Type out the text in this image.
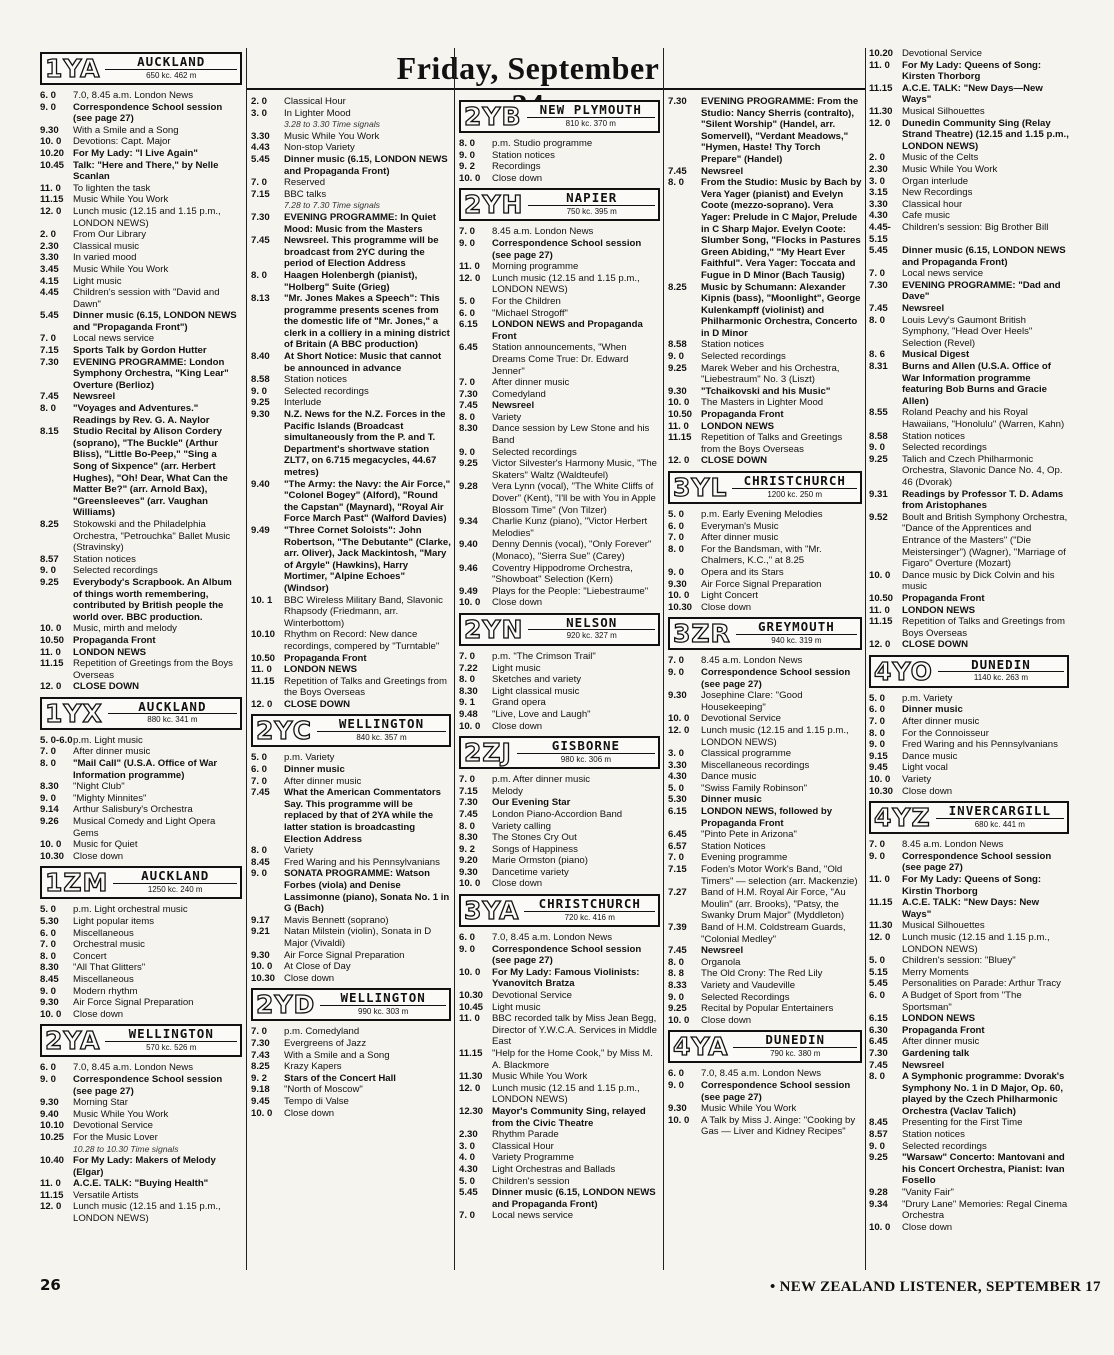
Friday, September
1YA	AUCKLAND
650 kc. 462 m
6. 0	7.0, 8.45 a.m. London News
9. 0	Correspondence School session (see page 27)
9.30	With a Smile and a Song
10. 0	Devotions: Capt. Major
10.20 For My Lady: "I Live Again"
10.45 Talk: "Here and There," by Nelle Scanlan
11. 0	To lighten the task
11.15 Music While You Work
12. 0	Lunch music (12.15 and 1.15 p.m., LONDON NEWS)
2. 0	From Our Library
2.30	Classical music
3.30	In varied mood
3.45	Music While You Work
4.15	Light music
4.45	Children's session with "David and Dawn"
5.45	Dinner music (6.15, LONDON NEWS and "Propaganda Front")
7. 0	Local news service
7.15	Sports Talk by Gordon Hutter
7.30	EVENING PROGRAMME: London Symphony Orchestra, "King Lear" Overture (Berlioz)
7.45	Newsreel
8. 0	"Voyages and Adventures." Readings by Rev. G. A. Naylor
8.15	Studio Recital by Alison Cordery (soprano), "The Buckle" (Arthur Bliss), "Little Bo-Peep," "Sing a Song of Sixpence" (arr. Herbert Hughes), "Oh! Dear, What Can the Matter Be?" (arr. Arnold Bax), "Greensleeves" (arr. Vaughan Williams)
8.25	Stokowski and the Philadelphia Orchestra, "Petrouchka" Ballet Music (Stravinsky)
8.57	Station notices
9. 0	Selected recordings
9.25	Everybody's Scrapbook. An Album of things worth remembering, contributed by British people the world over. BBC production.
10. 0	Music, mirth and melody
10.50 Propaganda Front
11. 0	LONDON NEWS
11.15 Repetition of Greetings from the Boys Overseas
12. 0	CLOSE DOWN
1YX	AUCKLAND
880 kc. 341 m
5. 0-6.0 p.m. Light music
7. 0	After dinner music
8. 0	"Mail Call" (U.S.A. Office of War Information programme)
8.30	"Night Club"
9. 0	"Mighty Minnites"
9.14	Arthur Salisbury's Orchestra
9.26	Musical Comedy and Light Opera Gems
10. 0	Music for Quiet
10.30 Close down
1ZM	AUCKLAND
1250 kc. 240 m
5. 0	p.m. Light orchestral music
5.30	Light popular items
6. 0	Miscellaneous
7. 0	Orchestral music
8. 0	Concert
8.30	"All That Glitters"
8.45	Miscellaneous
9. 0	Modern rhythm
9.30	Air Force Signal Preparation
10. 0	Close down
2YA	WELLINGTON
570 kc. 526 m
6. 0	7.0, 8.45 a.m. London News
9. 0	Correspondence School session (see page 27)
9.30	Morning Star
9.40	Music While You Work
10.10 Devotional Service
10.25 For the Music Lover
10.28 to 10.30 Time signals
10.40 For My Lady: Makers of Melody (Elgar)
11. 0	A.C.E. TALK: "Buying Health"
11.15 Versatile Artists
12. 0	Lunch music (12.15 and 1.15 p.m., LONDON NEWS)
2. 0	Classical Hour
3. 0	In Lighter Mood
3.28 to 3.30 Time signals
3.30	Music While You Work
4.43	Non-stop Variety
5.45	Dinner music (6.15, LONDON NEWS and Propaganda Front)
7. 0	Reserved
7.15	BBC talks
7.28 to 7.30 Time signals
7.30	EVENING PROGRAMME: In Quiet Mood: Music from the Masters
7.45	Newsreel. This programme will be broadcast from 2YC during the period of Election Address
8. 0	Haagen Holenbergh (pianist), "Holberg" Suite (Grieg)
8.13	"Mr. Jones Makes a Speech": This programme presents scenes from the domestic life of "Mr. Jones," a clerk in a colliery in a mining district of Britain (A BBC production)
8.40	At Short Notice: Music that cannot be announced in advance
8.58	Station notices
9. 0	Selected recordings
9.25	Interlude
9.30	N.Z. News for the N.Z. Forces in the Pacific Islands (Broadcast simultaneously from the P. and T. Department's shortwave station ZLT7, on 6.715 megacycles, 44.67 metres)
9.40	"The Army: the Navy: the Air Force," "Colonel Bogey" (Alford), "Round the Capstan" (Maynard), "Royal Air Force March Past" (Walford Davies)
9.49	"Three Cornet Soloists": John Robertson, "The Debutante" (Clarke, arr. Oliver), Jack Mackintosh, "Mary of Argyle" (Hawkins), Harry Mortimer, "Alpine Echoes" (Windsor)
10. 1	BBC Wireless Military Band, Slavonic Rhapsody (Friedmann, arr. Winterbottom)
10.10 Rhythm on Record: New dance recordings, compered by "Turntable"
10.50 Propaganda Front
11. 0	LONDON NEWS
11.15 Repetition of Talks and Greetings from the Boys Overseas
12. 0	CLOSE DOWN
2YC	WELLINGTON
840 kc. 357 m
5. 0	p.m. Variety
6. 0	Dinner music
7. 0	After dinner music
7.45	What the American Commentators Say. This programme will be replaced by that of 2YA while the latter station is broadcasting Election Address
8. 0	Variety
8.45	Fred Waring and his Pennsylvanians
9. 0	SONATA PROGRAMME: Watson Forbes (viola) and Denise Lassimonne (piano), Sonata No. 1 in G (Bach)
9.17	Mavis Bennett (soprano)
9.21	Natan Milstein (violin), Sonata in D Major (Vivaldi)
9.30	Air Force Signal Preparation
10. 0	At Close of Day
10.30 Close down
2YD	WELLINGTON
990 kc. 303 m
7. 0	p.m. Comedyland
7.30	Evergreens of Jazz
7.43	With a Smile and a Song
8.25	Krazy Kapers
9. 2	Stars of the Concert Hall
9.18	"North of Moscow"
9.45	Tempo di Valse
10. 0	Close down
2YB	NEW PLYMOUTH
810 kc. 370 m
8. 0	p.m. Studio programme
9. 0	Station notices
9. 2	Recordings
10. 0	Close down
2YH	NAPIER
750 kc. 395 m
7. 0	8.45 a.m. London News
9. 0	Correspondence School session (see page 27)
11. 0	Morning programme
12. 0	Lunch music (12.15 and 1.15 p.m., LONDON NEWS)
5. 0	For the Children
6. 0	"Michael Strogoff"
6.15	LONDON NEWS and Propaganda Front
6.45	Station announcements, "When Dreams Come True: Dr. Edward Jenner"
7. 0	After dinner music
7.30	Comedyland
7.45	Newsreel
8. 0	Variety
8.30	Dance session by Lew Stone and his Band
9. 0	Selected recordings
9.25	Victor Silvester's Harmony Music, "The Skaters" Waltz (Waldteufel)
9.28	Vera Lynn (vocal), "The White Cliffs of Dover" (Kent), "I'll be with You in Apple Blossom Time" (Von Tilzer)
9.34	Charlie Kunz (piano), "Victor Herbert Melodies"
9.40	Denny Dennis (vocal), "Only Forever" (Monaco), "Sierra Sue" (Carey)
9.46	Coventry Hippodrome Orchestra, "Showboat" Selection (Kern)
9.49	Plays for the People: "Liebestraume"
10. 0	Close down
2YN	NELSON
920 kc. 327 m
7. 0	p.m. "The Crimson Trail"
7.22	Light music
8. 0	Sketches and variety
8.30	Light classical music
9. 1	Grand opera
9.48	"Live, Love and Laugh"
10. 0	Close down
2ZJ	GISBORNE
980 kc. 306 m
7. 0	p.m. After dinner music
7.15	Melody
7.30	Our Evening Star
7.45	London Piano-Accordion Band
8. 0	Variety calling
8.30	The Stones Cry Out
9. 2	Songs of Happiness
9.20	Marie Ormston (piano)
9.30	Dancetime variety
10. 0	Close down
3YA	CHRISTCHURCH
720 kc. 416 m
6. 0	7.0, 8.45 a.m. London News
9. 0	Correspondence School session (see page 27)
10. 0	For My Lady: Famous Violinists: Yvanovitch Bratza
10.30 Devotional Service
10.45 Light music
11. 0	BBC recorded talk by Miss Jean Begg, Director of Y.W.C.A. Services in Middle East
11.15 "Help for the Home Cook," by Miss M. A. Blackmore
11.30 Music While You Work
12. 0	Lunch music (12.15 and 1.15 p.m., LONDON NEWS)
12.30 Mayor's Community Sing, relayed from the Civic Theatre
2.30	Rhythm Parade
3. 0	Classical Hour
4. 0	Variety Programme
4.30	Light Orchestras and Ballads
5. 0	Children's session
5.45	Dinner music (6.15, LONDON NEWS and Propaganda Front)
7. 0	Local news service
7.30	EVENING PROGRAMME: From the Studio: Nancy Sherris (contralto), "Silent Worship" (Handel, arr. Somervell), "Verdant Meadows," "Hymen, Haste! Thy Torch Prepare" (Handel)
7.45	Newsreel
8. 0	From the Studio: Music by Bach by Vera Yager (pianist) and Evelyn Coote (mezzo-soprano). Vera Yager: Prelude in C Major, Prelude in C Sharp Major. Evelyn Coote: Slumber Song, "Flocks in Pastures Green Abiding," "My Heart Ever Faithful". Vera Yager: Toccata and Fugue in D Minor (Bach Tausig)
8.25	Music by Schumann: Alexander Kipnis (bass), "Moonlight", George Kulenkampff (violinist) and Philharmonic Orchestra, Concerto in D Minor
8.58	Station notices
9. 0	Selected recordings
9.25	Marek Weber and his Orchestra, "Liebestraum" No. 3 (Liszt)
9.30	"Tchaikovski and his Music"
10. 0	The Masters in Lighter Mood
10.50 Propaganda Front
11. 0	LONDON NEWS
11.15 Repetition of Talks and Greetings from the Boys Overseas
12. 0	CLOSE DOWN
3YL	CHRISTCHURCH
1200 kc. 250 m
5. 0	p.m. Early Evening Melodies
6. 0	Everyman's Music
7. 0	After dinner music
8. 0	For the Bandsman, with "Mr. Chalmers, K.C.," at 8.25
9. 0	Opera and its Stars
9.30	Air Force Signal Preparation
10. 0	Light Concert
10.30 Close down
3ZR	GREYMOUTH
940 kc. 319 m
7. 0	8.45 a.m. London News
9. 0	Correspondence School session (see page 27)
9.30	Josephine Clare: "Good Housekeeping"
10. 0	Devotional Service
12. 0	Lunch music (12.15 and 1.15 p.m., LONDON NEWS)
3. 0	Classical programme
3.30	Miscellaneous recordings
4.30	Dance music
5. 0	"Swiss Family Robinson"
5.30	Dinner music
6.15	LONDON NEWS, followed by Propaganda Front
6.45	"Pinto Pete in Arizona"
6.57	Station Notices
7. 0	Evening programme
7.15	Foden's Motor Work's Band, "Old Timers" — selection (arr. Mackenzie)
7.27	Band of H.M. Royal Air Force, "Au Moulin" (arr. Brooks), "Patsy, the Swanky Drum Major" (Myddleton)
7.39	Band of H.M. Coldstream Guards, "Colonial Medley"
7.45	Newsreel
8. 0	Organola
8. 8	The Old Crony: The Red Lily
8.33	Variety and Vaudeville
9. 0	Selected Recordings
9.25	Recital by Popular Entertainers
10. 0	Close down
4YA	DUNEDIN
790 kc. 380 m
6. 0	7.0, 8.45 a.m. London News
9. 0	Correspondence School session (see page 27)
9.30	Music While You Work
10. 0	A Talk by Miss J. Ainge: "Cooking by Gas — Liver and Kidney Recipes"
10.20 Devotional Service
11. 0	For My Lady: Queens of Song: Kirsten Thorborg
11.15 A.C.E. TALK: "New Days—New Ways"
11.30 Musical Silhouettes
12. 0	Dunedin Community Sing (Relay Strand Theatre) (12.15 and 1.15 p.m., LONDON NEWS)
2. 0	Music of the Celts
2.30	Music While You Work
3. 0	Organ interlude
3.15	New Recordings
3.30	Classical hour
4.30	Cafe music
4.45-5.15
Children's session: Big Brother Bill
5.45	Dinner music (6.15, LONDON NEWS and Propaganda Front)
7. 0	Local news service
7.30	EVENING PROGRAMME: "Dad and Dave"
7.45	Newsreel
8. 0	Louis Levy's Gaumont British Symphony, "Head Over Heels" Selection (Revel)
8. 6	Musical Digest
8.31	Burns and Allen (U.S.A. Office of War Information programme featuring Bob Burns and Gracie Allen)
8.55	Roland Peachy and his Royal Hawaiians, "Honolulu" (Warren, Kahn)
8.58	Station notices
9. 0	Selected recordings
9.25	Talich and Czech Philharmonic Orchestra, Slavonic Dance No. 4, Op. 46 (Dvorak)
9.31	Readings by Professor T. D. Adams from Aristophanes
9.52	Boult and British Symphony Orchestra, "Dance of the Apprentices and Entrance of the Masters" ("Die Meistersinger") (Wagner), "Marriage of Figaro" Overture (Mozart)
10. 0	Dance music by Dick Colvin and his music
10.50 Propaganda Front
11. 0	LONDON NEWS
11.15 Repetition of Talks and Greetings from Boys Overseas
12. 0	CLOSE DOWN
4YO	DUNEDIN
1140 kc. 263 m
5. 0	p.m. Variety
6. 0	Dinner music
7. 0	After dinner music
8. 0	For the Connoisseur
9. 0	Fred Waring and his Pennsylvanians
9.15	Dance music
9.45	Light vocal
10. 0	Variety
10.30 Close down
4YZ	INVERCARGILL
680 kc. 441 m
7. 0	8.45 a.m. London News
9. 0	Correspondence School session (see page 27)
11. 0	For My Lady: Queens of Song: Kirstin Thorborg
11.15 A.C.E. TALK: "New Days: New Ways"
11.30 Musical Silhouettes
12. 0	Lunch music (12.15 and 1.15 p.m., LONDON NEWS)
5. 0	Children's session: "Bluey"
5.15	Merry Moments
5.45	Personalities on Parade: Arthur Tracy
6. 0	A Budget of Sport from "The Sportsman"
6.15	LONDON NEWS
6.30	Propaganda Front
6.45	After dinner music
7.30	Gardening talk
7.45	Newsreel
8. 0	A Symphonic programme: Dvorak's Symphony No. 1 in D Major, Op. 60, played by the Czech Philharmonic Orchestra (Vaclav Talich)
8.45	Presenting for the First Time
8.57	Station notices
9. 0	Selected recordings
9.25	"Warsaw" Concerto: Mantovani and his Concert Orchestra, Pianist: Ivan Fosello
9.28	"Vanity Fair"
9.34	"Drury Lane" Memories: Regal Cinema Orchestra
10. 0	Close down
26	• NEW ZEALAND LISTENER, SEPTEMBER 17
